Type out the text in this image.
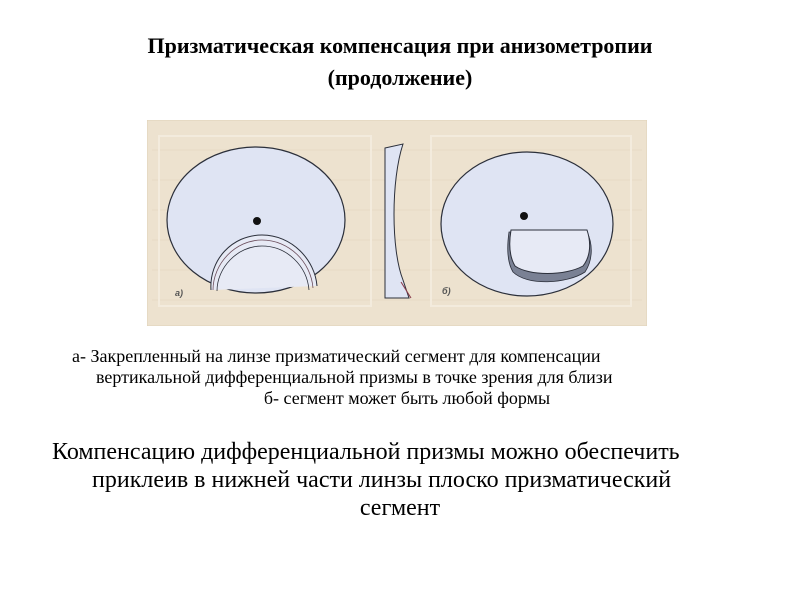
Призматическая компенсация при анизометропии
(продолжение)
а)	б)
а- Закрепленный на линзе призматический сегмент для компенсации
вертикальной дифференциальной призмы в точке зрения для близи
б- сегмент может быть любой формы
Компенсацию дифференциальной призмы можно обеспечить
приклеив в нижней части линзы плоско призматический
сегмент
